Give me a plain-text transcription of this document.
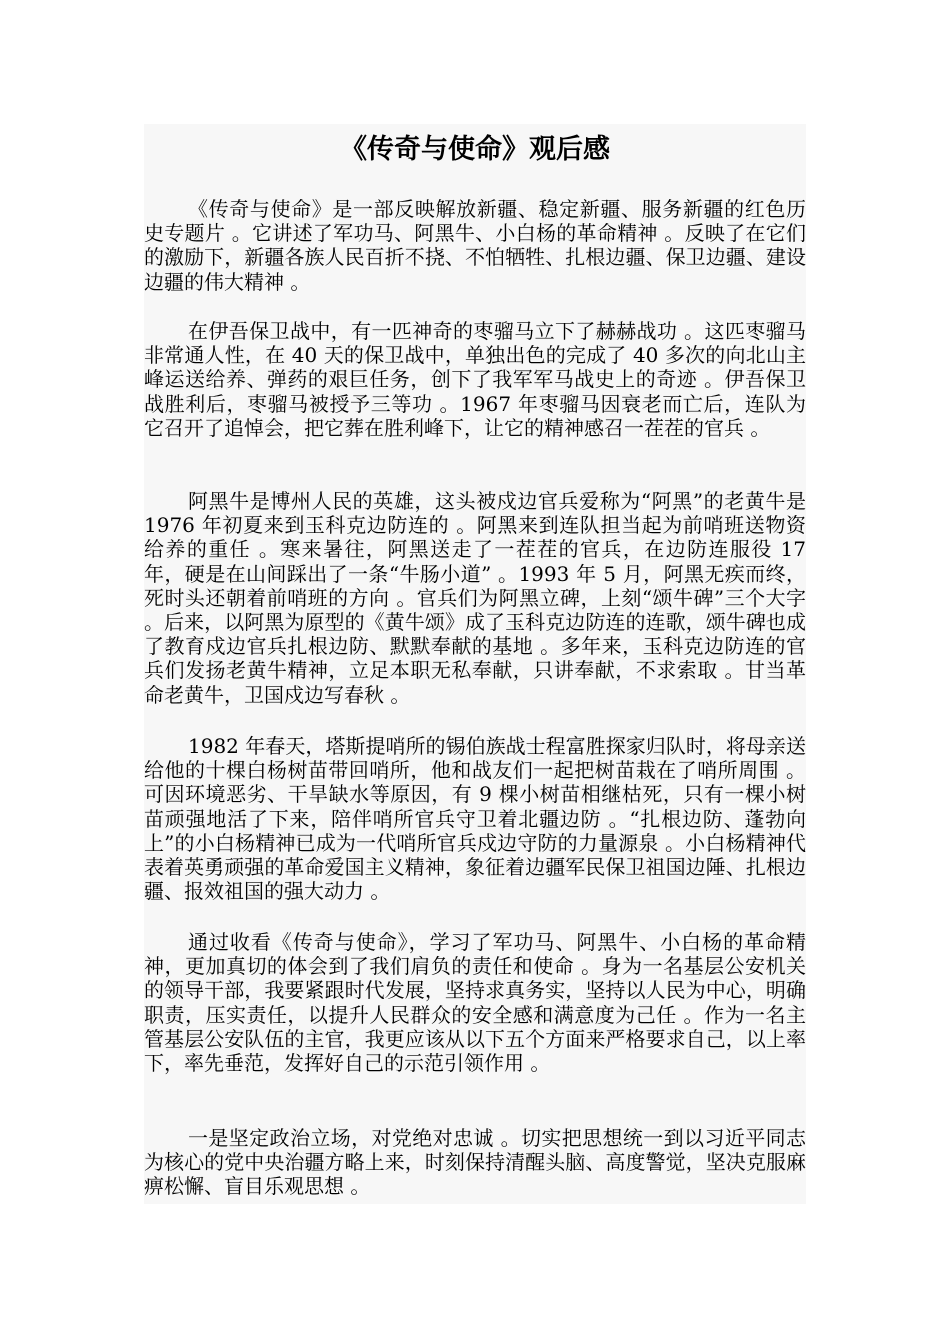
《传奇与使命》观后感

《传奇与使命》是一部反映解放新疆、稳定新疆、服务新疆的红色历史专题片 。它讲述了军功马、阿黑牛、小白杨的革命精神 。反映了在它们的激励下，新疆各族人民百折不挠、不怕牺牲、扎根边疆、保卫边疆、建设边疆的伟大精神 。

在伊吾保卫战中，有一匹神奇的枣骝马立下了赫赫战功 。这匹枣骝马非常通人性，在 40 天的保卫战中，单独出色的完成了 40 多次的向北山主峰运送给养、弹药的艰巨任务，创下了我军军马战史上的奇迹 。伊吾保卫战胜利后，枣骝马被授予三等功 。1967 年枣骝马因衰老而亡后，连队为它召开了追悼会，把它葬在胜利峰下，让它的精神感召一茬茬的官兵 。

阿黑牛是博州人民的英雄，这头被戍边官兵爱称为“阿黑”的老黄牛是 1976 年初夏来到玉科克边防连的 。阿黑来到连队担当起为前哨班送物资给养的重任 。寒来暑往，阿黑送走了一茬茬的官兵，在边防连服役 17 年，硬是在山间踩出了一条“牛肠小道” 。1993 年 5 月，阿黑无疾而终，死时头还朝着前哨班的方向 。官兵们为阿黑立碑，上刻“颂牛碑”三个大字 。后来，以阿黑为原型的《黄牛颂》成了玉科克边防连的连歌，颂牛碑也成了教育戍边官兵扎根边防、默默奉献的基地 。多年来，玉科克边防连的官兵们发扬老黄牛精神，立足本职无私奉献，只讲奉献，不求索取 。甘当革命老黄牛，卫国戍边写春秋 。

1982 年春天，塔斯提哨所的锡伯族战士程富胜探家归队时，将母亲送给他的十棵白杨树苗带回哨所，他和战友们一起把树苗栽在了哨所周围 。可因环境恶劣、干旱缺水等原因，有 9 棵小树苗相继枯死，只有一棵小树苗顽强地活了下来，陪伴哨所官兵守卫着北疆边防 。“扎根边防、蓬勃向上”的小白杨精神已成为一代哨所官兵戍边守防的力量源泉 。小白杨精神代表着英勇顽强的革命爱国主义精神，象征着边疆军民保卫祖国边陲、扎根边疆、报效祖国的强大动力 。

通过收看《传奇与使命》，学习了军功马、阿黑牛、小白杨的革命精神，更加真切的体会到了我们肩负的责任和使命 。身为一名基层公安机关的领导干部，我要紧跟时代发展，坚持求真务实，坚持以人民为中心，明确职责，压实责任，以提升人民群众的安全感和满意度为己任 。作为一名主管基层公安队伍的主官，我更应该从以下五个方面来严格要求自己，以上率下，率先垂范，发挥好自己的示范引领作用 。

一是坚定政治立场，对党绝对忠诚 。切实把思想统一到以习近平同志为核心的党中央治疆方略上来，时刻保持清醒头脑、高度警觉，坚决克服麻痹松懈、盲目乐观思想 。
